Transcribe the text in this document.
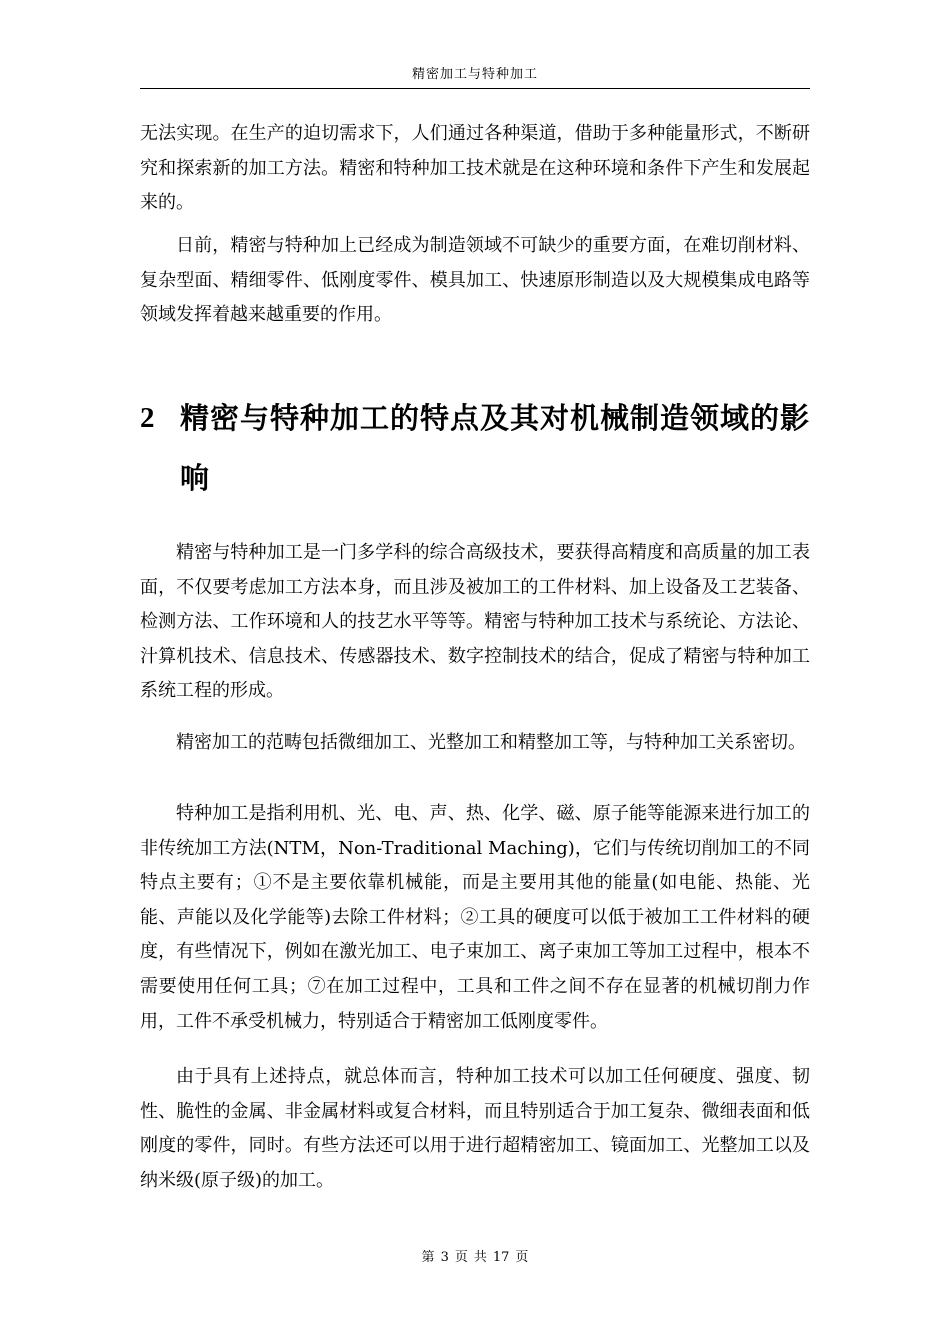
精密加工与特种加工

无法实现。在生产的迫切需求下，人们通过各种渠道，借助于多种能量形式，不断研究和探索新的加工方法。精密和特种加工技术就是在这种环境和条件下产生和发展起来的。

日前，精密与特种加上已经成为制造领域不可缺少的重要方面，在难切削材料、复杂型面、精细零件、低刚度零件、模具加工、快速原形制造以及大规模集成电路等领域发挥着越来越重要的作用。

2 精密与特种加工的特点及其对机械制造领域的影响

精密与特种加工是一门多学科的综合高级技术，要获得高精度和高质量的加工表面，不仅要考虑加工方法本身，而且涉及被加工的工件材料、加上设备及工艺装备、检测方法、工作环境和人的技艺水平等等。精密与特种加工技术与系统论、方法论、汁算机技术、信息技术、传感器技术、数字控制技术的结合，促成了精密与特种加工系统工程的形成。

精密加工的范畴包括微细加工、光整加工和精整加工等，与特种加工关系密切。

特种加工是指利用机、光、电、声、热、化学、磁、原子能等能源来进行加工的非传统加工方法(NTM，Non-Traditional Maching)，它们与传统切削加工的不同特点主要有；①不是主要依靠机械能，而是主要用其他的能量(如电能、热能、光能、声能以及化学能等)去除工件材料；②工具的硬度可以低于被加工工件材料的硬度，有些情况下，例如在激光加工、电子束加工、离子束加工等加工过程中，根本不需要使用任何工具；⑦在加工过程中，工具和工件之间不存在显著的机械切削力作用，工件不承受机械力，特别适合于精密加工低刚度零件。

由于具有上述持点，就总体而言，特种加工技术可以加工任何硬度、强度、韧性、脆性的金属、非金属材料或复合材料，而且特别适合于加工复杂、微细表面和低刚度的零件，同时。有些方法还可以用于进行超精密加工、镜面加工、光整加工以及纳米级(原子级)的加工。

第 3 页 共 17 页
